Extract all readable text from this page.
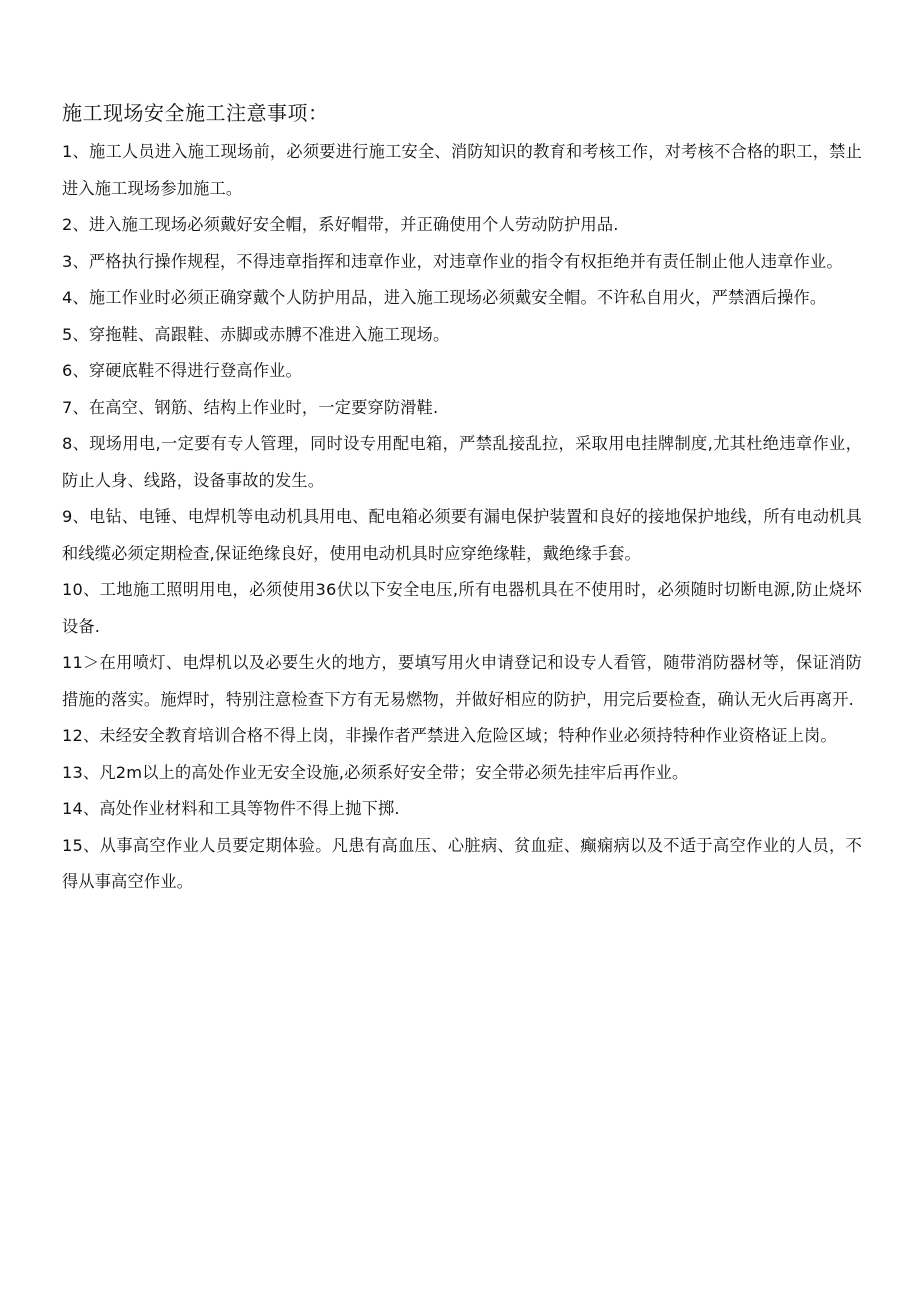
施工现场安全施工注意事项：

1、施工人员进入施工现场前，必须要进行施工安全、消防知识的教育和考核工作，对考核不合格的职工，禁止进入施工现场参加施工。

2、进入施工现场必须戴好安全帽，系好帽带，并正确使用个人劳动防护用品.

3、严格执行操作规程，不得违章指挥和违章作业，对违章作业的指令有权拒绝并有责任制止他人违章作业。

4、施工作业时必须正确穿戴个人防护用品，进入施工现场必须戴安全帽。不许私自用火，严禁酒后操作。

5、穿拖鞋、高跟鞋、赤脚或赤膊不准进入施工现场。

6、穿硬底鞋不得进行登高作业。

7、在高空、钢筋、结构上作业时，一定要穿防滑鞋.

8、现场用电,一定要有专人管理，同时设专用配电箱，严禁乱接乱拉，采取用电挂牌制度,尤其杜绝违章作业，防止人身、线路，设备事故的发生。

9、电钻、电锤、电焊机等电动机具用电、配电箱必须要有漏电保护装置和良好的接地保护地线，所有电动机具和线缆必须定期检查,保证绝缘良好，使用电动机具时应穿绝缘鞋，戴绝缘手套。

10、工地施工照明用电，必须使用36伏以下安全电压,所有电器机具在不使用时，必须随时切断电源,防止烧坏设备.

11＞在用喷灯、电焊机以及必要生火的地方，要填写用火申请登记和设专人看管，随带消防器材等，保证消防措施的落实。施焊时，特别注意检查下方有无易燃物，并做好相应的防护，用完后要检查，确认无火后再离开.

12、未经安全教育培训合格不得上岗，非操作者严禁进入危险区域；特种作业必须持特种作业资格证上岗。

13、凡2m以上的高处作业无安全设施,必须系好安全带；安全带必须先挂牢后再作业。

14、高处作业材料和工具等物件不得上抛下掷.

15、从事高空作业人员要定期体验。凡患有高血压、心脏病、贫血症、癫痫病以及不适于高空作业的人员，不得从事高空作业。
